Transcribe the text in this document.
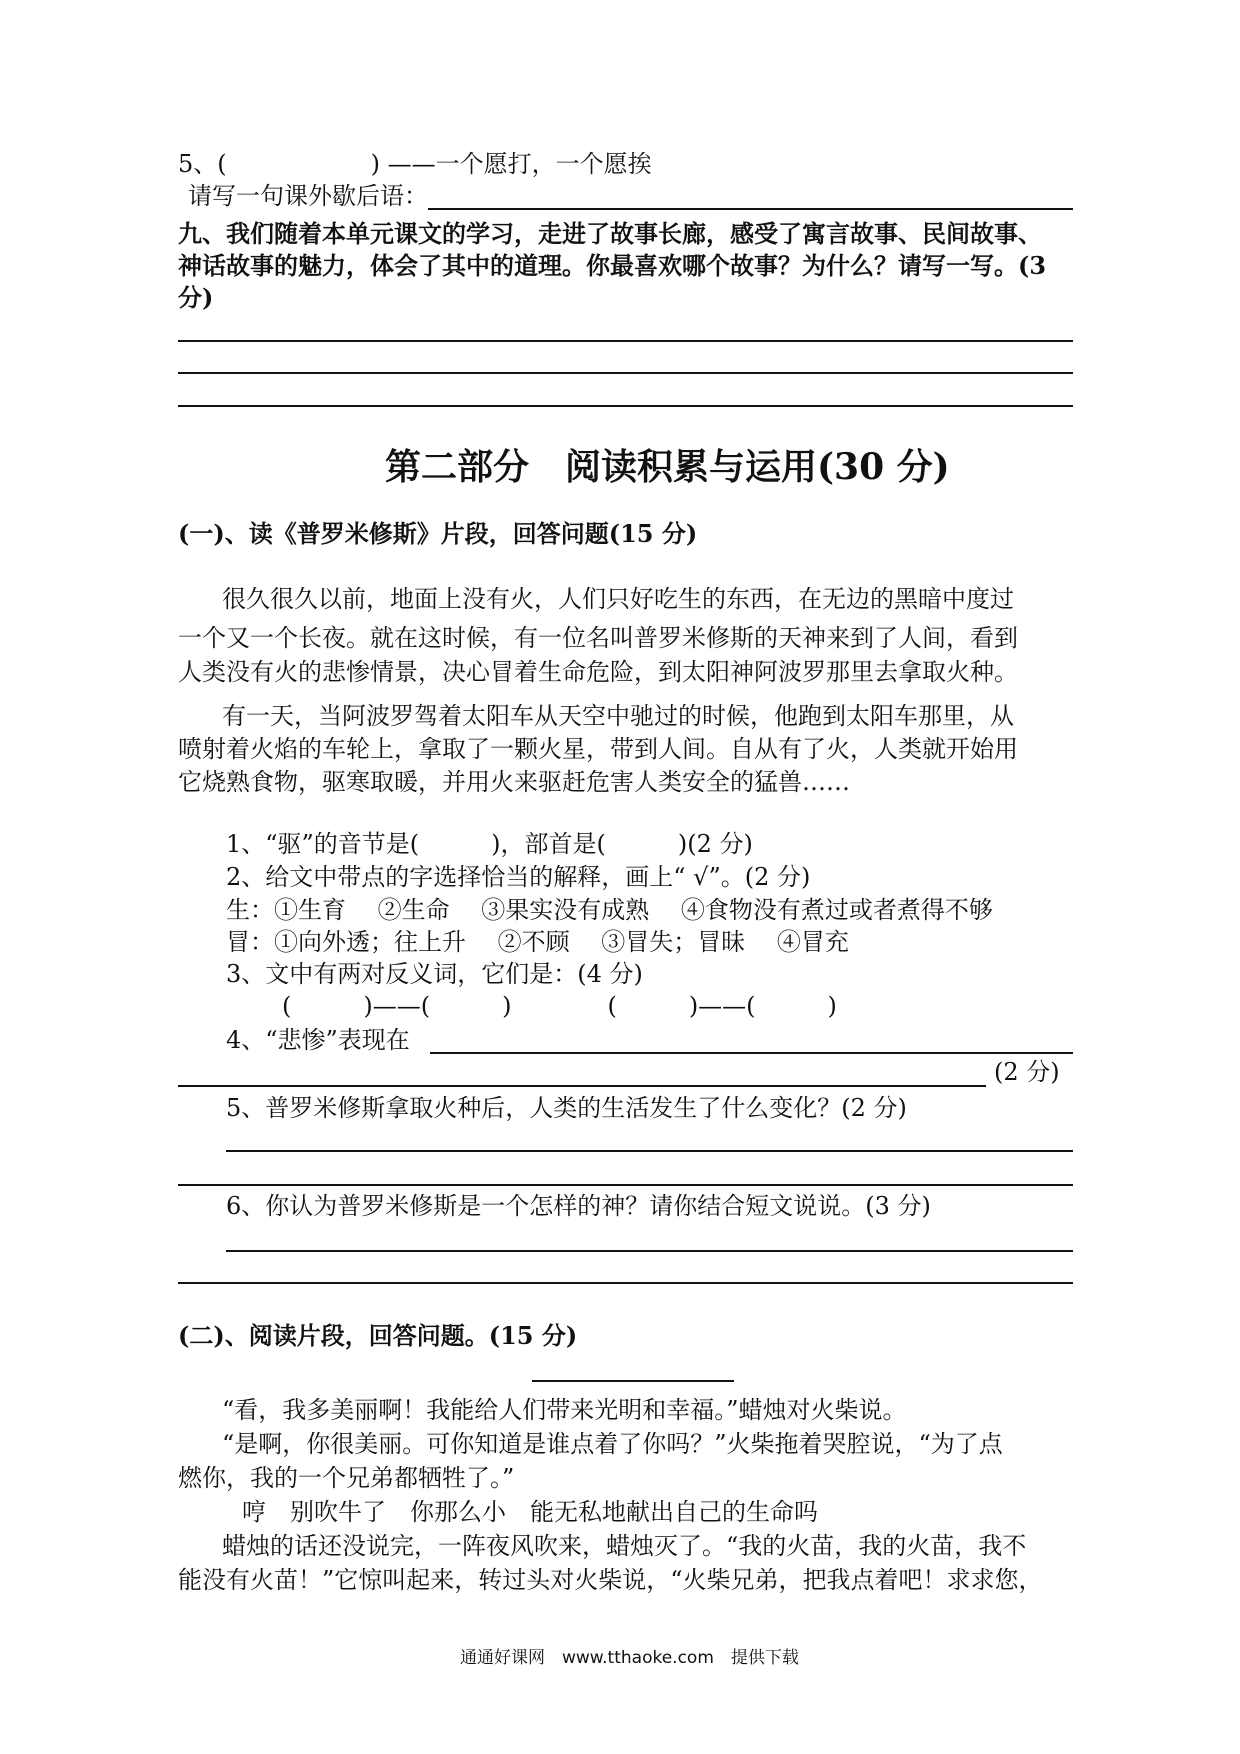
5、(　　　　　　) ——一个愿打，一个愿挨
请写一句课外歇后语：
九、我们随着本单元课文的学习，走进了故事长廊，感受了寓言故事、民间故事、
神话故事的魅力，体会了其中的道理。你最喜欢哪个故事？为什么？请写一写。(3
分)
第二部分　阅读积累与运用(30 分)
(一)、读《普罗米修斯》片段，回答问题(15 分)
很久很久以前，地面上没有火，人们只好吃生的东西，在无边的黑暗中度过
一个又一个长夜。就在这时候，有一位名叫普罗米修斯的天神来到了人间，看到
人类没有火的悲惨情景，决心冒着生命危险，到太阳神阿波罗那里去拿取火种。
有一天，当阿波罗驾着太阳车从天空中驰过的时候，他跑到太阳车那里，从
喷射着火焰的车轮上，拿取了一颗火星，带到人间。自从有了火，人类就开始用
它烧熟食物，驱寒取暖，并用火来驱赶危害人类安全的猛兽……
1、“驱”的音节是(　　　)，部首是(　　　)(2 分)
2、给文中带点的字选择恰当的解释，画上“ √”。(2 分)
生：①生育　 ②生命　 ③果实没有成熟　 ④食物没有煮过或者煮得不够
冒：①向外透；往上升　 ②不顾　 ③冒失；冒昧　 ④冒充
3、文中有两对反义词，它们是：(4 分)
(　　　)——(　　　)　　　　(　　　)——(　　　)
4、“悲惨”表现在
(2 分)
5、普罗米修斯拿取火种后，人类的生活发生了什么变化？(2 分)
6、你认为普罗米修斯是一个怎样的神？请你结合短文说说。(3 分)
(二)、阅读片段，回答问题。(15 分)
“看，我多美丽啊！我能给人们带来光明和幸福。”蜡烛对火柴说。
“是啊，你很美丽。可你知道是谁点着了你吗？”火柴拖着哭腔说，“为了点
燃你，我的一个兄弟都牺牲了。”
哼　别吹牛了　你那么小　能无私地献出自己的生命吗
蜡烛的话还没说完，一阵夜风吹来，蜡烛灭了。“我的火苗，我的火苗，我不
能没有火苗！”它惊叫起来，转过头对火柴说，“火柴兄弟，把我点着吧！求求您，
通通好课网　www.tthaoke.com　提供下载
